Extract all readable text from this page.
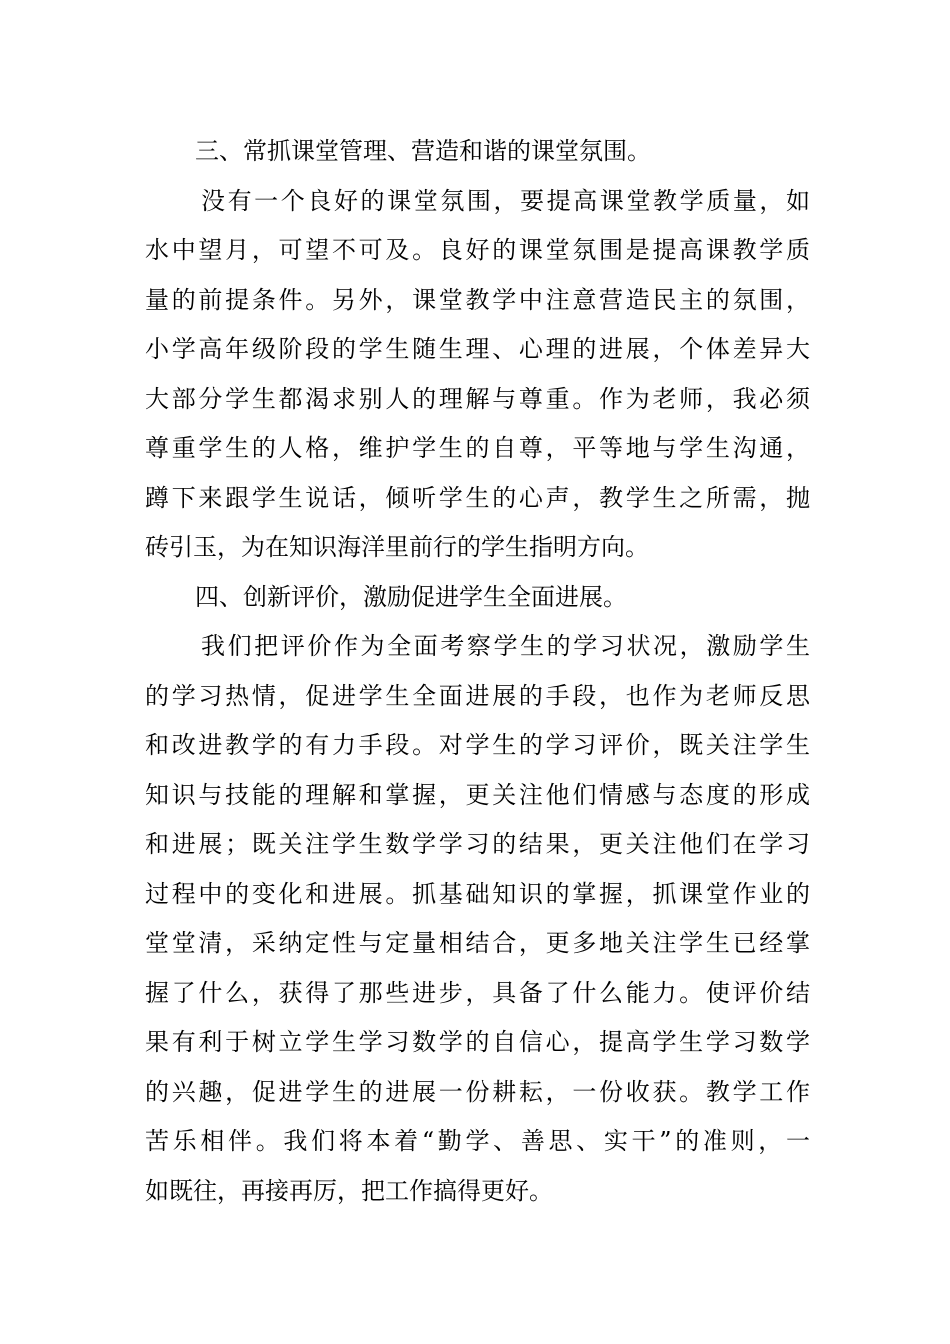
三、常抓课堂管理、营造和谐的课堂氛围。
没有一个良好的课堂氛围，要提高课堂教学质量，如
水中望月，可望不可及。良好的课堂氛围是提高课教学质
量的前提条件。另外，课堂教学中注意营造民主的氛围，
小学高年级阶段的学生随生理、心理的进展，个体差异大
大部分学生都渴求别人的理解与尊重。作为老师，我必须
尊重学生的人格，维护学生的自尊，平等地与学生沟通，
蹲下来跟学生说话，倾听学生的心声，教学生之所需，抛
砖引玉，为在知识海洋里前行的学生指明方向。
四、创新评价，激励促进学生全面进展。
我们把评价作为全面考察学生的学习状况，激励学生
的学习热情，促进学生全面进展的手段，也作为老师反思
和改进教学的有力手段。对学生的学习评价，既关注学生
知识与技能的理解和掌握，更关注他们情感与态度的形成
和进展；既关注学生数学学习的结果，更关注他们在学习
过程中的变化和进展。抓基础知识的掌握，抓课堂作业的
堂堂清，采纳定性与定量相结合，更多地关注学生已经掌
握了什么，获得了那些进步，具备了什么能力。使评价结
果有利于树立学生学习数学的自信心，提高学生学习数学
的兴趣，促进学生的进展一份耕耘，一份收获。教学工作
苦乐相伴。我们将本着“勤学、善思、实干”的准则，一
如既往，再接再厉，把工作搞得更好。
